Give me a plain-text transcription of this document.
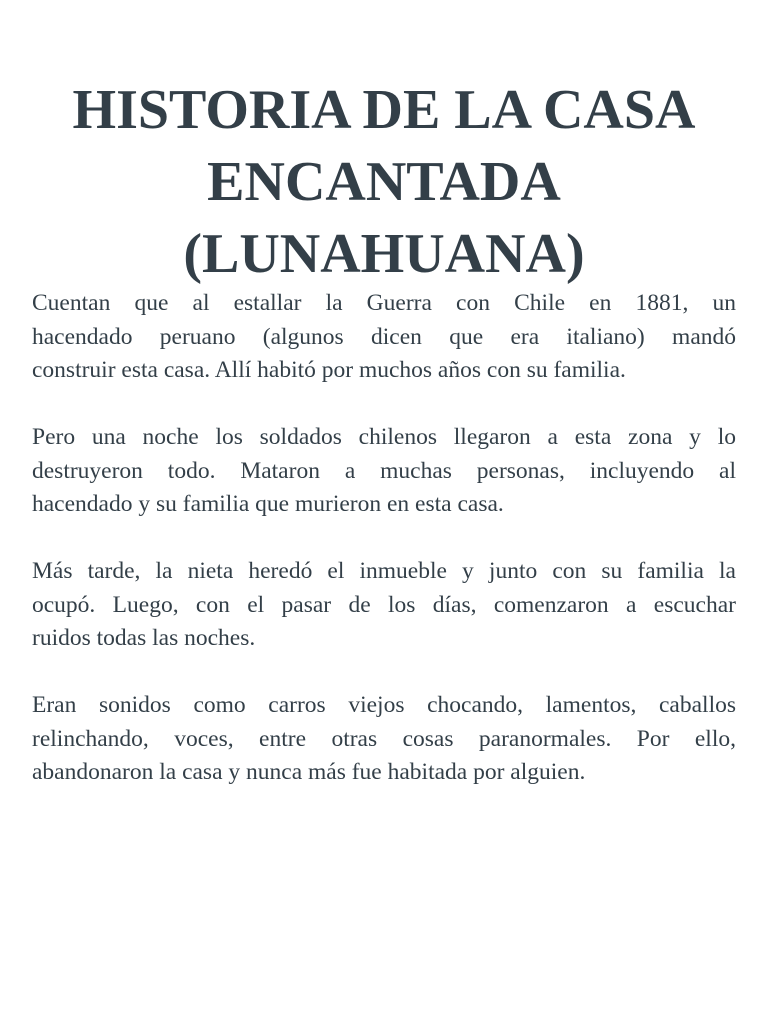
HISTORIA DE LA CASA
ENCANTADA
(LUNAHUANA)

Cuentan que al estallar la Guerra con Chile en 1881, un
hacendado peruano (algunos dicen que era italiano) mandó
construir esta casa. Allí habitó por muchos años con su familia.

Pero una noche los soldados chilenos llegaron a esta zona y lo
destruyeron todo. Mataron a muchas personas, incluyendo al
hacendado y su familia que murieron en esta casa.

Más tarde, la nieta heredó el inmueble y junto con su familia la
ocupó. Luego, con el pasar de los días, comenzaron a escuchar
ruidos todas las noches.

Eran sonidos como carros viejos chocando, lamentos, caballos
relinchando, voces, entre otras cosas paranormales. Por ello,
abandonaron la casa y nunca más fue habitada por alguien.
